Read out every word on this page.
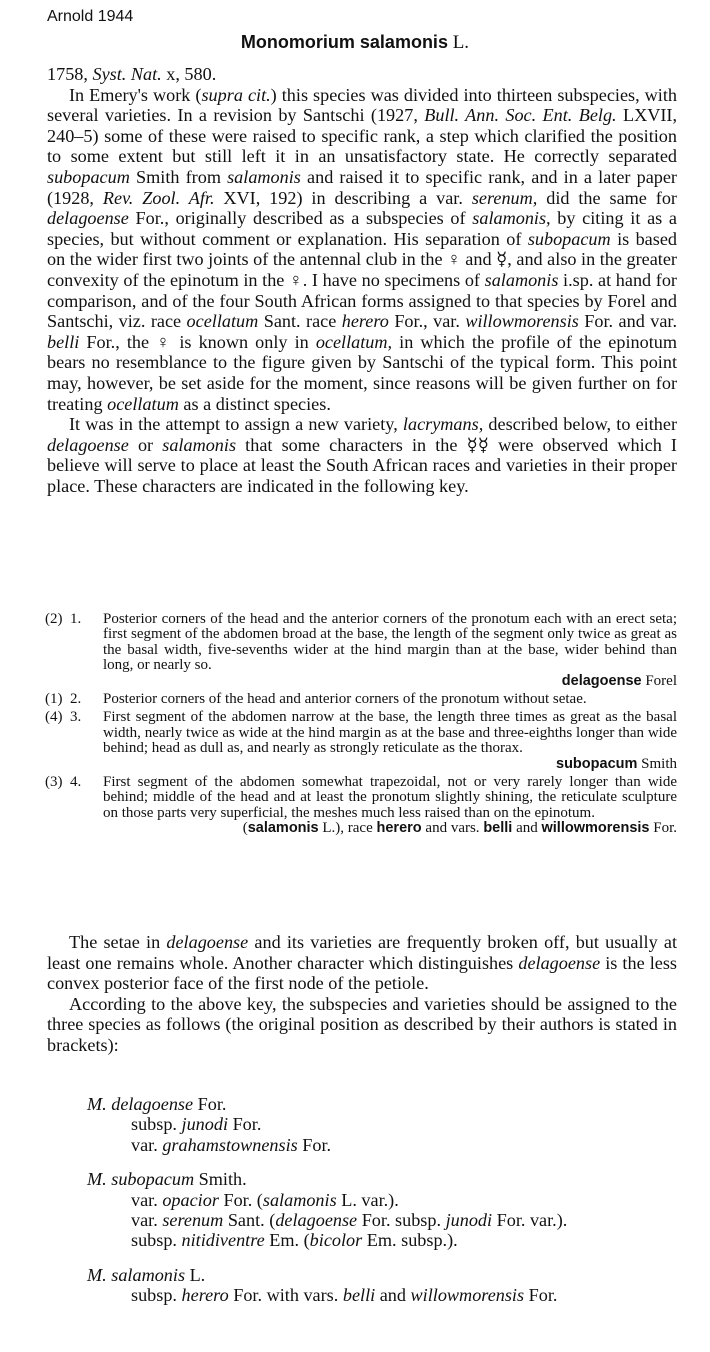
Arnold 1944
Monomorium salamonis L.

1758, Syst. Nat. x, 580.

In Emery's work (supra cit.) this species was divided into thirteen subspecies, with several varieties. In a revision by Santschi (1927, Bull. Ann. Soc. Ent. Belg. LXVII, 240–5) some of these were raised to specific rank, a step which clarified the position to some extent but still left it in an unsatisfactory state. He correctly separated subopacum Smith from salamonis and raised it to specific rank, and in a later paper (1928, Rev. Zool. Afr. XVI, 192) in describing a var. serenum, did the same for delagoense For., originally described as a subspecies of salamonis, by citing it as a species, but without comment or explanation. His separation of subopacum is based on the wider first two joints of the antennal club in the ♀ and ☿, and also in the greater convexity of the epinotum in the ♀. I have no specimens of salamonis i.sp. at hand for comparison, and of the four South African forms assigned to that species by Forel and Santschi, viz. race ocellatum Sant. race herero For., var. willowmorensis For. and var. belli For., the ♀ is known only in ocellatum, in which the profile of the epinotum bears no resemblance to the figure given by Santschi of the typical form. This point may, however, be set aside for the moment, since reasons will be given further on for treating ocellatum as a distinct species.

It was in the attempt to assign a new variety, lacrymans, described below, to either delagoense or salamonis that some characters in the ☿☿ were observed which I believe will serve to place at least the South African races and varieties in their proper place. These characters are indicated in the following key.

(2)  1.	Posterior corners of the head and the anterior corners of the pronotum each with an erect seta; first segment of the abdomen broad at the base, the length of the segment only twice as great as the basal width, five-sevenths wider at the hind margin than at the base, wider behind than long, or nearly so.
delagoense Forel
(1)  2.	Posterior corners of the head and anterior corners of the pronotum without setae.
(4)  3.	First segment of the abdomen narrow at the base, the length three times as great as the basal width, nearly twice as wide at the hind margin as at the base and three-eighths longer than wide behind; head as dull as, and nearly as strongly reticulate as the thorax.
subopacum Smith
(3)  4.	First segment of the abdomen somewhat trapezoidal, not or very rarely longer than wide behind; middle of the head and at least the pronotum slightly shining, the reticulate sculpture on those parts very superficial, the meshes much less raised than on the epinotum.
(salamonis L.), race herero and vars. belli and willowmorensis For.

The setae in delagoense and its varieties are frequently broken off, but usually at least one remains whole. Another character which distinguishes delagoense is the less convex posterior face of the first node of the petiole.

According to the above key, the subspecies and varieties should be assigned to the three species as follows (the original position as described by their authors is stated in brackets):

M. delagoense For.
subsp. junodi For.
var. grahamstownensis For.
M. subopacum Smith.
var. opacior For. (salamonis L. var.).
var. serenum Sant. (delagoense For. subsp. junodi For. var.).
subsp. nitidiventre Em. (bicolor Em. subsp.).
M. salamonis L.
subsp. herero For. with vars. belli and willowmorensis For.
